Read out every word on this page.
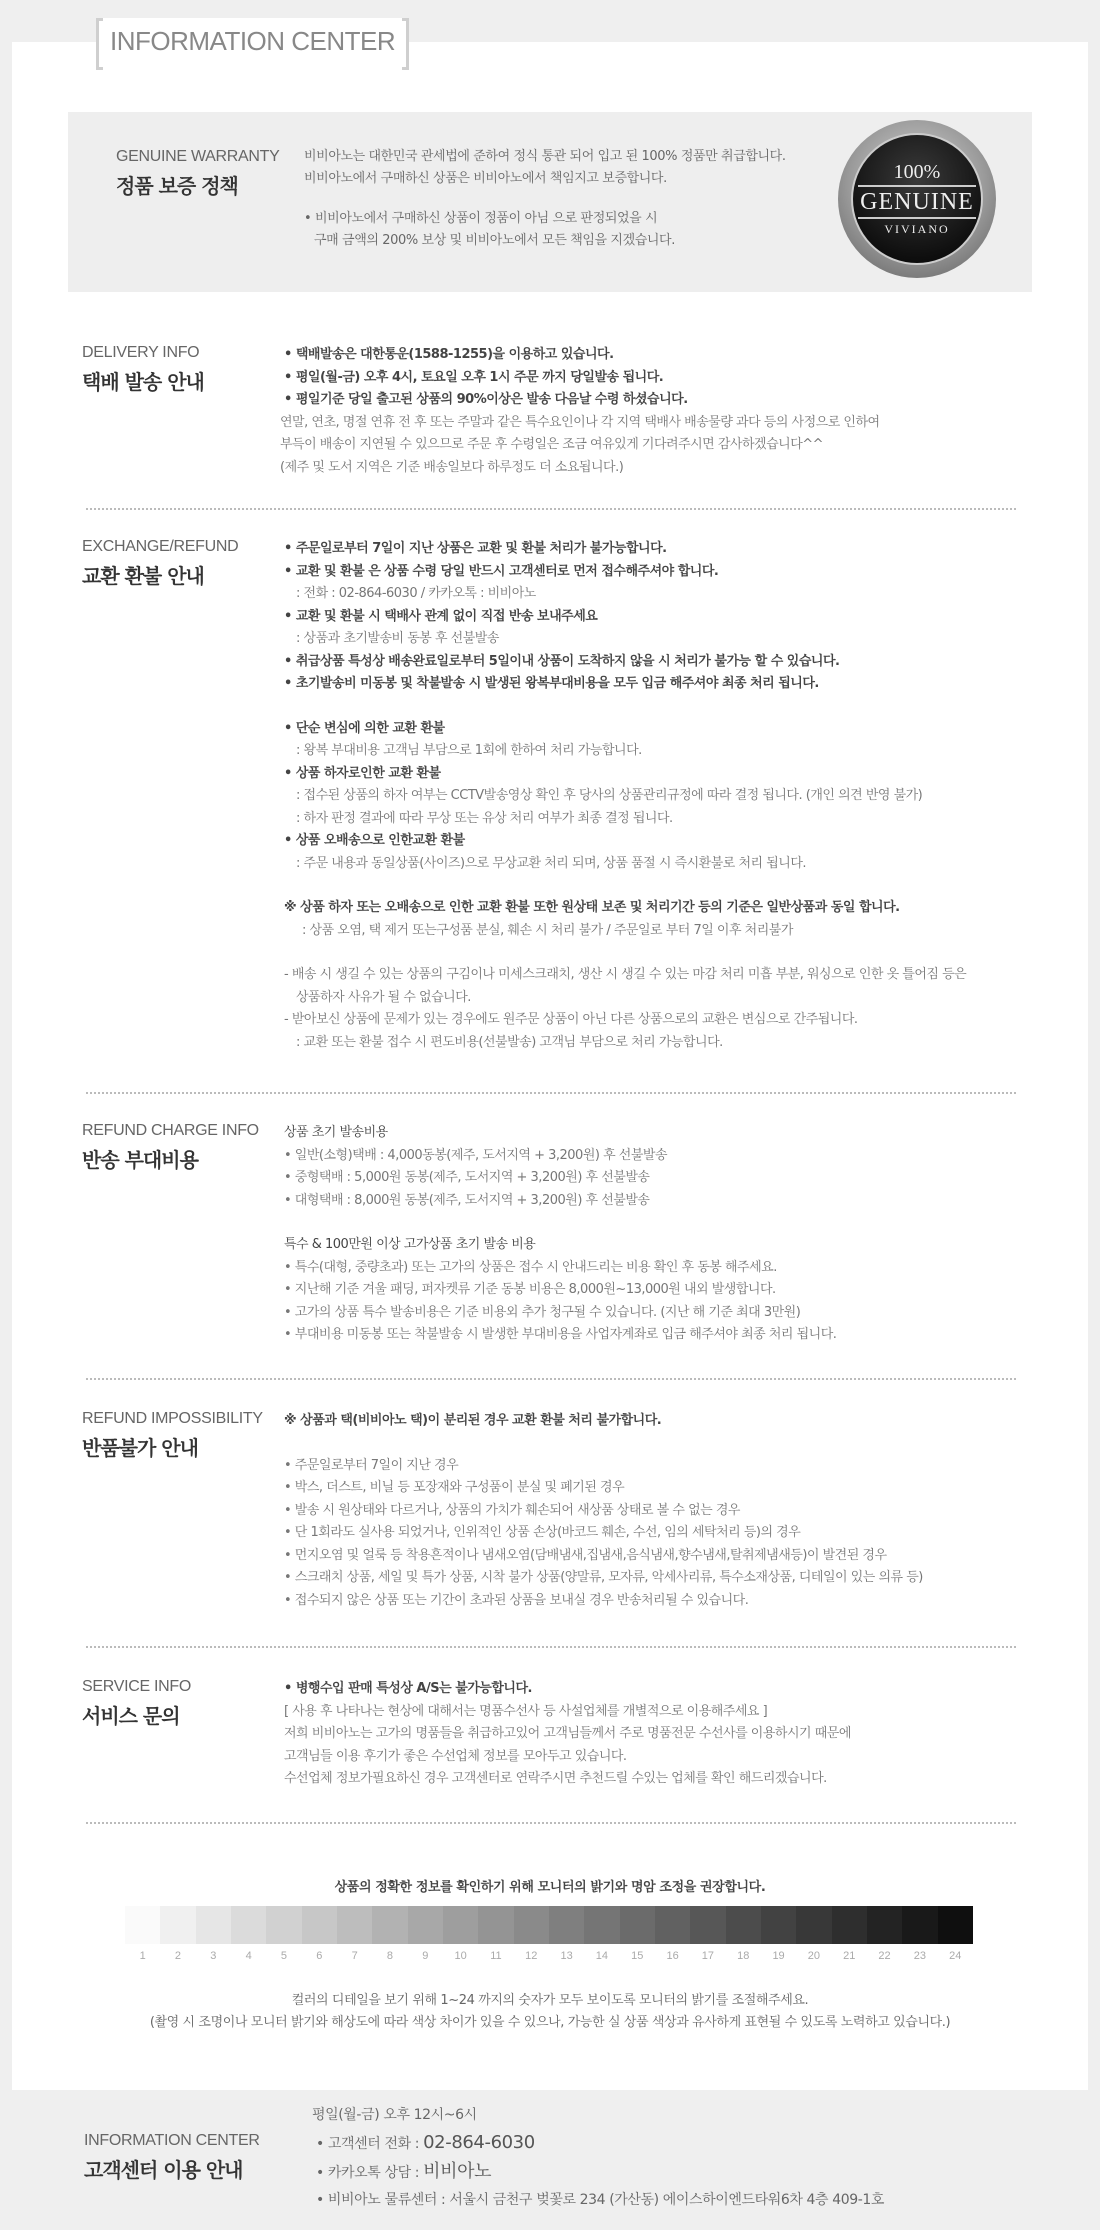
INFORMATION CENTER
GENUINE WARRANTY
정품 보증 정책
비비아노는 대한민국 관세법에 준하여 정식 통관 되어 입고 된 100% 정품만 취급합니다.
비비아노에서 구매하신 상품은 비비아노에서 책임지고 보증합니다.
• 비비아노에서 구매하신 상품이 정품이 아님 으로 판정되었을 시
구매 금액의 200% 보상 및 비비아노에서 모든 책임을 지겠습니다.
100%
GENUINE
VIVIANO
DELIVERY INFO
택배 발송 안내
• 택배발송은 대한통운(1588-1255)을 이용하고 있습니다.
• 평일(월-금) 오후 4시, 토요일 오후 1시 주문 까지 당일발송 됩니다.
• 평일기준 당일 출고된 상품의 90%이상은 발송 다음날 수령 하셨습니다.
연말, 연초, 명절 연휴 전 후 또는 주말과 같은 특수요인이나 각 지역 택배사 배송물량 과다 등의 사정으로 인하여
부득이 배송이 지연될 수 있으므로 주문 후 수령일은 조금 여유있게 기다려주시면 감사하겠습니다^^
(제주 및 도서 지역은 기준 배송일보다 하루정도 더 소요됩니다.)
EXCHANGE/REFUND
교환 환불 안내
• 주문일로부터 7일이 지난 상품은 교환 및 환불 처리가 불가능합니다.
• 교환 및 환불 은 상품 수령 당일 반드시 고객센터로 먼저 접수해주셔야 합니다.
: 전화 : 02-864-6030 / 카카오톡 : 비비아노
• 교환 및 환불 시 택배사 관계 없이 직접 반송 보내주세요
: 상품과 초기발송비 동봉 후 선불발송
• 취급상품 특성상 배송완료일로부터 5일이내 상품이 도착하지 않을 시 처리가 불가능 할 수 있습니다.
• 초기발송비 미동봉 및 착불발송 시 발생된 왕복부대비용을 모두 입금 해주셔야 최종 처리 됩니다.
• 단순 변심에 의한 교환 환불
: 왕복 부대비용 고객님 부담으로 1회에 한하여 처리 가능합니다.
• 상품 하자로인한 교환 환불
: 접수된 상품의 하자 여부는 CCTV발송영상 확인 후 당사의 상품관리규정에 따라 결정 됩니다. (개인 의견 반영 불가)
: 하자 판정 결과에 따라 무상 또는 유상 처리 여부가 최종 결정 됩니다.
• 상품 오배송으로 인한교환 환불
: 주문 내용과 동일상품(사이즈)으로 무상교환 처리 되며, 상품 품절 시 즉시환불로 처리 됩니다.
※ 상품 하자 또는 오배송으로 인한 교환 환불 또한 원상태 보존 및 처리기간 등의 기준은 일반상품과 동일 합니다.
: 상품 오염, 택 제거 또는구성품 분실, 훼손 시 처리 불가 / 주문일로 부터 7일 이후 처리불가
- 배송 시 생길 수 있는 상품의 구김이나 미세스크래치, 생산 시 생길 수 있는 마감 처리 미흡 부분, 워싱으로 인한 옷 틀어짐 등은
상품하자 사유가 될 수 없습니다.
- 받아보신 상품에 문제가 있는 경우에도 원주문 상품이 아닌 다른 상품으로의 교환은 변심으로 간주됩니다.
: 교환 또는 환불 접수 시 편도비용(선불발송) 고객님 부담으로 처리 가능합니다.
REFUND CHARGE INFO
반송 부대비용
상품 초기 발송비용
• 일반(소형)택배 : 4,000동봉(제주, 도서지역 + 3,200원) 후 선불발송
• 중형택배 : 5,000원 동봉(제주, 도서지역 + 3,200원) 후 선불발송
• 대형택배 : 8,000원 동봉(제주, 도서지역 + 3,200원) 후 선불발송
특수 & 100만원 이상 고가상품 초기 발송 비용
• 특수(대형, 중량초과) 또는 고가의 상품은 접수 시 안내드리는 비용 확인 후 동봉 해주세요.
• 지난해 기준 겨울 패딩, 퍼자켓류 기준 동봉 비용은 8,000원~13,000원 내외 발생합니다.
• 고가의 상품 특수 발송비용은 기준 비용외 추가 청구될 수 있습니다. (지난 해 기준 최대 3만원)
• 부대비용 미동봉 또는 착불발송 시 발생한 부대비용을 사업자계좌로 입금 해주셔야 최종 처리 됩니다.
REFUND IMPOSSIBILITY
반품불가 안내
※ 상품과 택(비비아노 택)이 분리된 경우 교환 환불 처리 불가합니다.
• 주문일로부터 7일이 지난 경우
• 박스, 더스트, 비닐 등 포장재와 구성품이 분실 및 폐기된 경우
• 발송 시 원상태와 다르거나, 상품의 가치가 훼손되어 새상품 상태로 볼 수 없는 경우
• 단 1회라도 실사용 되었거나, 인위적인 상품 손상(바코드 훼손, 수선, 임의 세탁처리 등)의 경우
• 먼지오염 및 얼룩 등 착용흔적이나 냄새오염(담배냄새,집냄새,음식냄새,향수냄새,탈취제냄새등)이 발견된 경우
• 스크래치 상품, 세일 및 특가 상품, 시착 불가 상품(양말류, 모자류, 악세사리류, 특수소재상품, 디테일이 있는 의류 등)
• 접수되지 않은 상품 또는 기간이 초과된 상품을 보내실 경우 반송처리될 수 있습니다.
SERVICE INFO
서비스 문의
• 병행수입 판매 특성상 A/S는 불가능합니다.
[ 사용 후 나타나는 현상에 대해서는 명품수선사 등 사설업체를 개별적으로 이용해주세요 ]
저희 비비아노는 고가의 명품들을 취급하고있어 고객님들께서 주로 명품전문 수선사를 이용하시기 때문에
고객님들 이용 후기가 좋은 수선업체 정보를 모아두고 있습니다.
수선업체 정보가필요하신 경우 고객센터로 연락주시면 추천드릴 수있는 업체를 확인 해드리겠습니다.
상품의 정확한 정보를 확인하기 위해 모니터의 밝기와 명암 조정을 권장합니다.
1	2	3	4	5	6	7	8	9	10	11	12	13	14	15	16	17	18	19	20	21	22	23	24
컬러의 디테일을 보기 위해 1~24 까지의 숫자가 모두 보이도록 모니터의 밝기를 조절해주세요.
(촬영 시 조명이나 모니터 밝기와 해상도에 따라 색상 차이가 있을 수 있으나, 가능한 실 상품 색상과 유사하게 표현될 수 있도록 노력하고 있습니다.)
INFORMATION CENTER
고객센터 이용 안내
평일(월-금) 오후 12시~6시
• 고객센터 전화 : 02-864-6030
• 카카오톡 상담 : 비비아노
• 비비아노 물류센터 : 서울시 금천구 벚꽃로 234 (가산동) 에이스하이엔드타워6차 4층 409-1호
